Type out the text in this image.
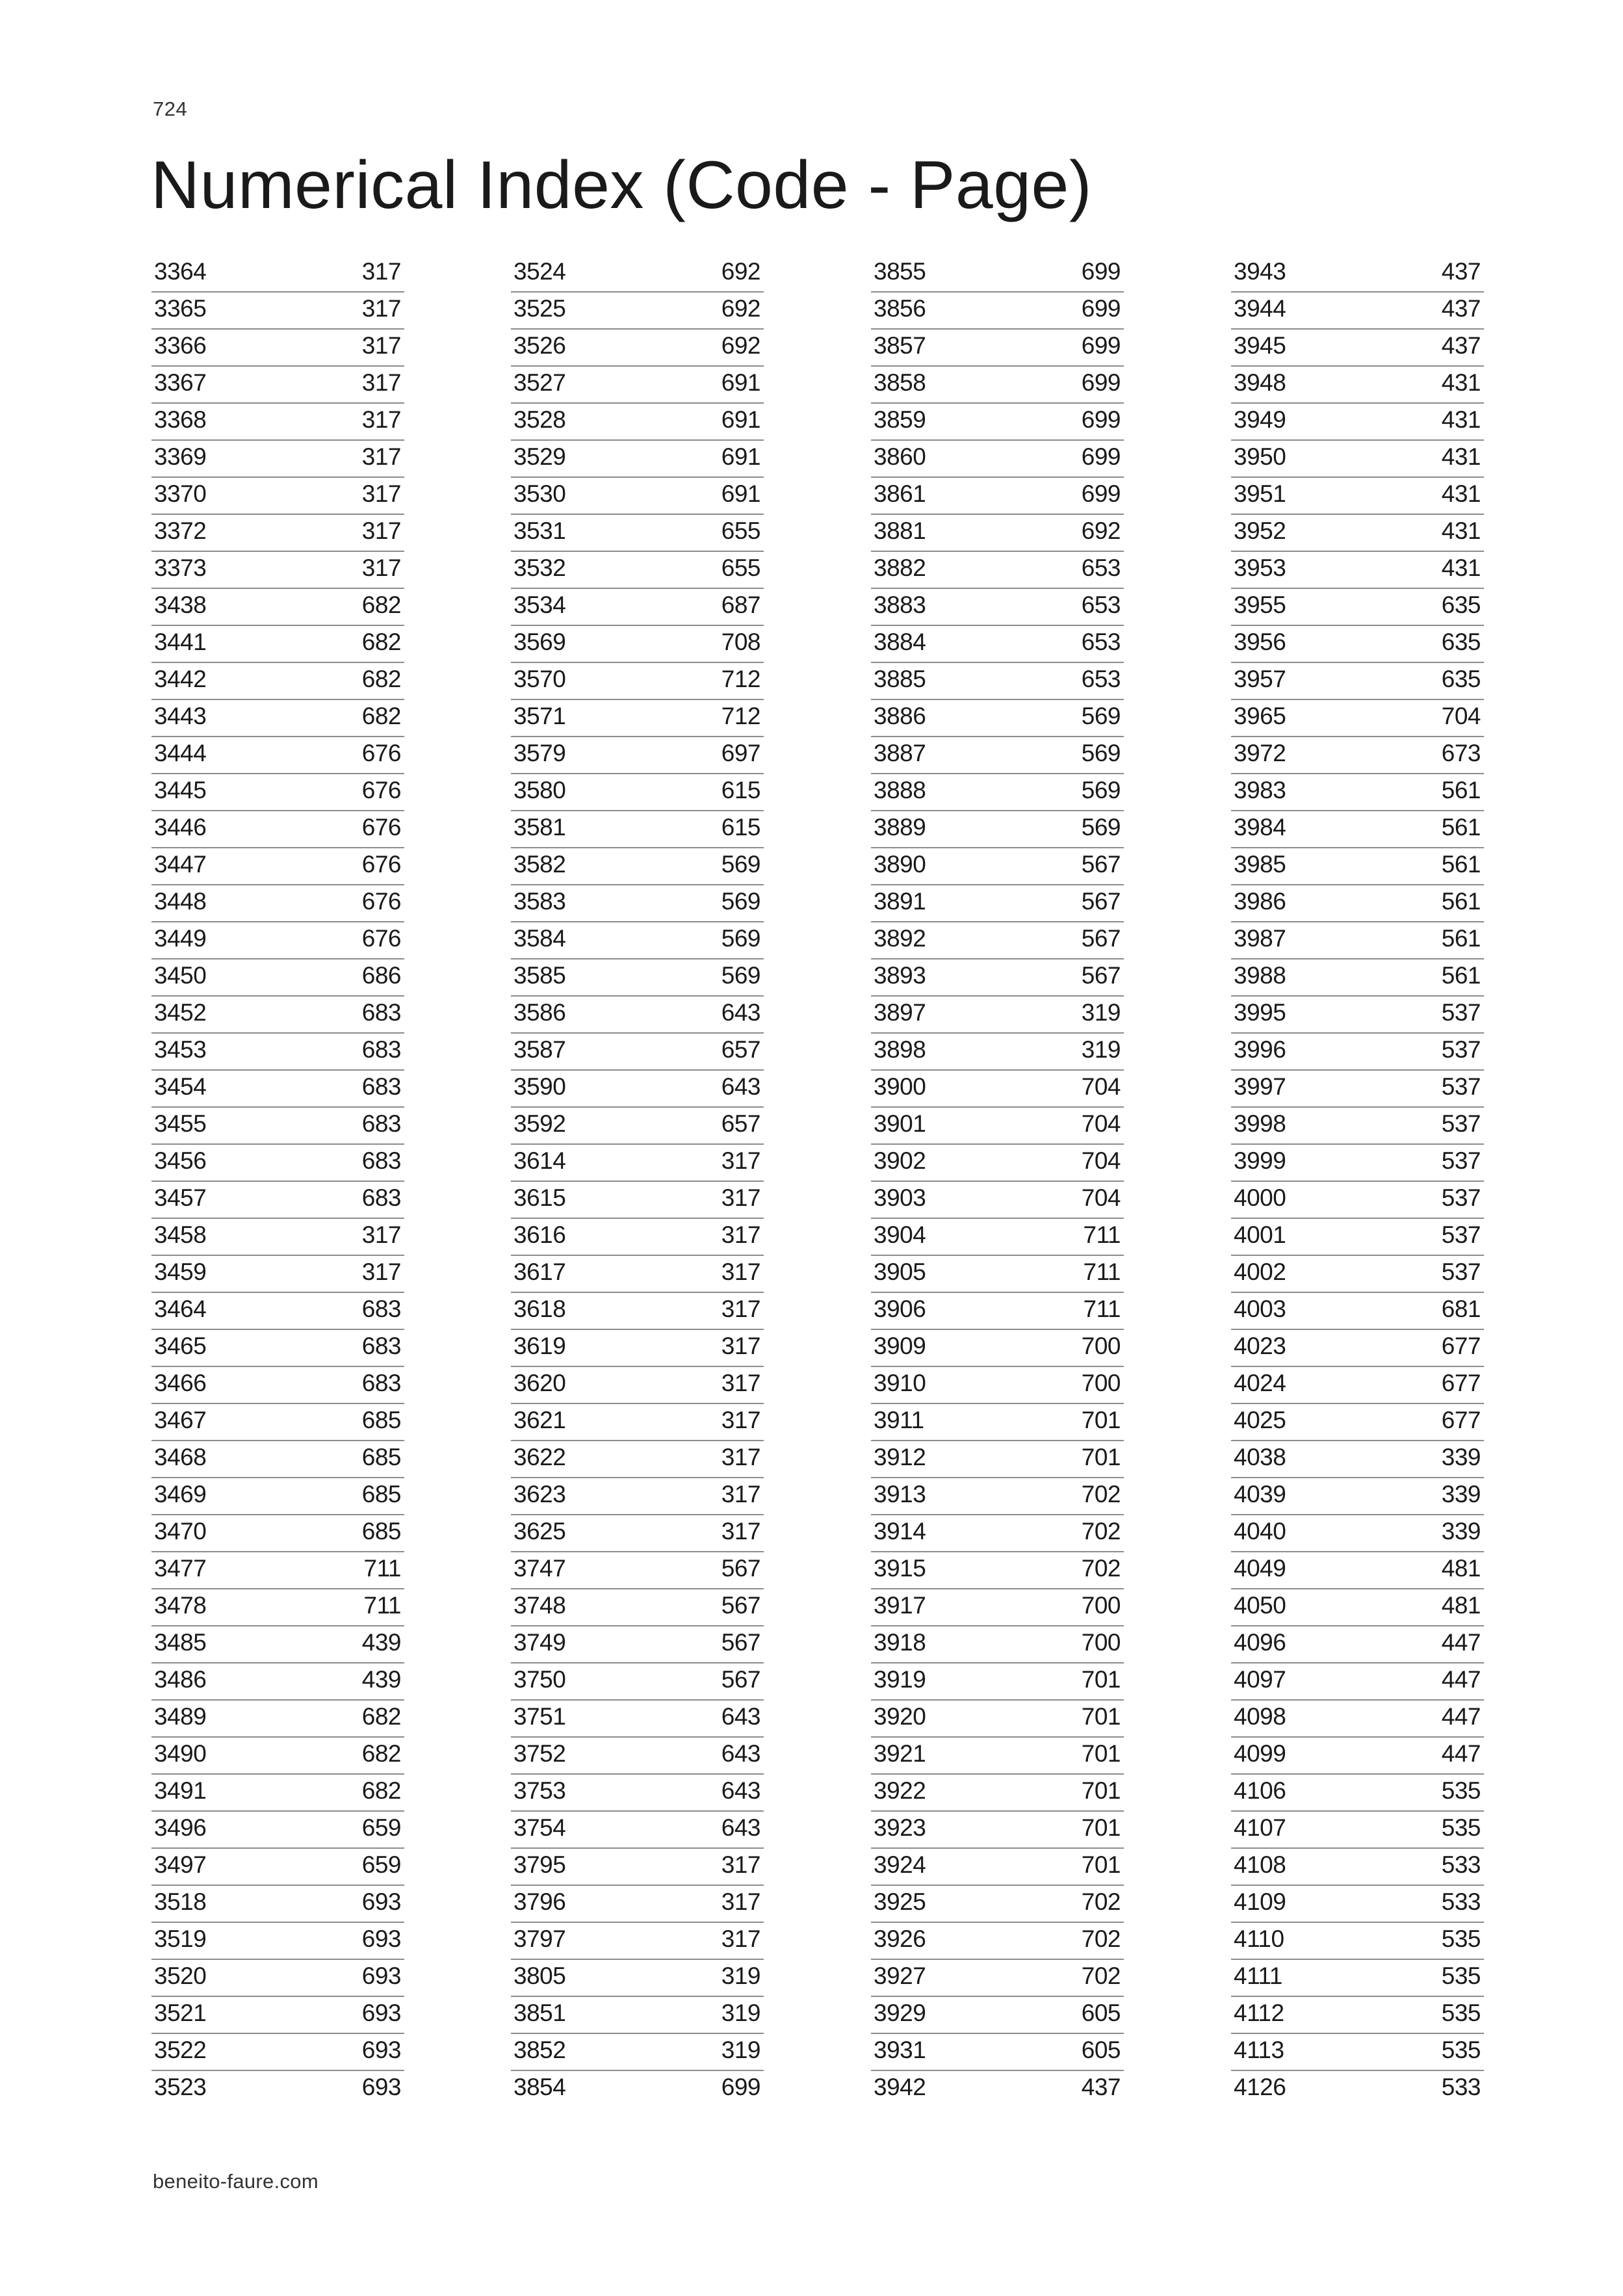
724
Numerical Index (Code - Page)
3364	317
3365	317
3366	317
3367	317
3368	317
3369	317
3370	317
3372	317
3373	317
3438	682
3441	682
3442	682
3443	682
3444	676
3445	676
3446	676
3447	676
3448	676
3449	676
3450	686
3452	683
3453	683
3454	683
3455	683
3456	683
3457	683
3458	317
3459	317
3464	683
3465	683
3466	683
3467	685
3468	685
3469	685
3470	685
3477	711
3478	711
3485	439
3486	439
3489	682
3490	682
3491	682
3496	659
3497	659
3518	693
3519	693
3520	693
3521	693
3522	693
3523	693
3524	692
3525	692
3526	692
3527	691
3528	691
3529	691
3530	691
3531	655
3532	655
3534	687
3569	708
3570	712
3571	712
3579	697
3580	615
3581	615
3582	569
3583	569
3584	569
3585	569
3586	643
3587	657
3590	643
3592	657
3614	317
3615	317
3616	317
3617	317
3618	317
3619	317
3620	317
3621	317
3622	317
3623	317
3625	317
3747	567
3748	567
3749	567
3750	567
3751	643
3752	643
3753	643
3754	643
3795	317
3796	317
3797	317
3805	319
3851	319
3852	319
3854	699
3855	699
3856	699
3857	699
3858	699
3859	699
3860	699
3861	699
3881	692
3882	653
3883	653
3884	653
3885	653
3886	569
3887	569
3888	569
3889	569
3890	567
3891	567
3892	567
3893	567
3897	319
3898	319
3900	704
3901	704
3902	704
3903	704
3904	711
3905	711
3906	711
3909	700
3910	700
3911	701
3912	701
3913	702
3914	702
3915	702
3917	700
3918	700
3919	701
3920	701
3921	701
3922	701
3923	701
3924	701
3925	702
3926	702
3927	702
3929	605
3931	605
3942	437
3943	437
3944	437
3945	437
3948	431
3949	431
3950	431
3951	431
3952	431
3953	431
3955	635
3956	635
3957	635
3965	704
3972	673
3983	561
3984	561
3985	561
3986	561
3987	561
3988	561
3995	537
3996	537
3997	537
3998	537
3999	537
4000	537
4001	537
4002	537
4003	681
4023	677
4024	677
4025	677
4038	339
4039	339
4040	339
4049	481
4050	481
4096	447
4097	447
4098	447
4099	447
4106	535
4107	535
4108	533
4109	533
4110	535
4111	535
4112	535
4113	535
4126	533
beneito-faure.com
